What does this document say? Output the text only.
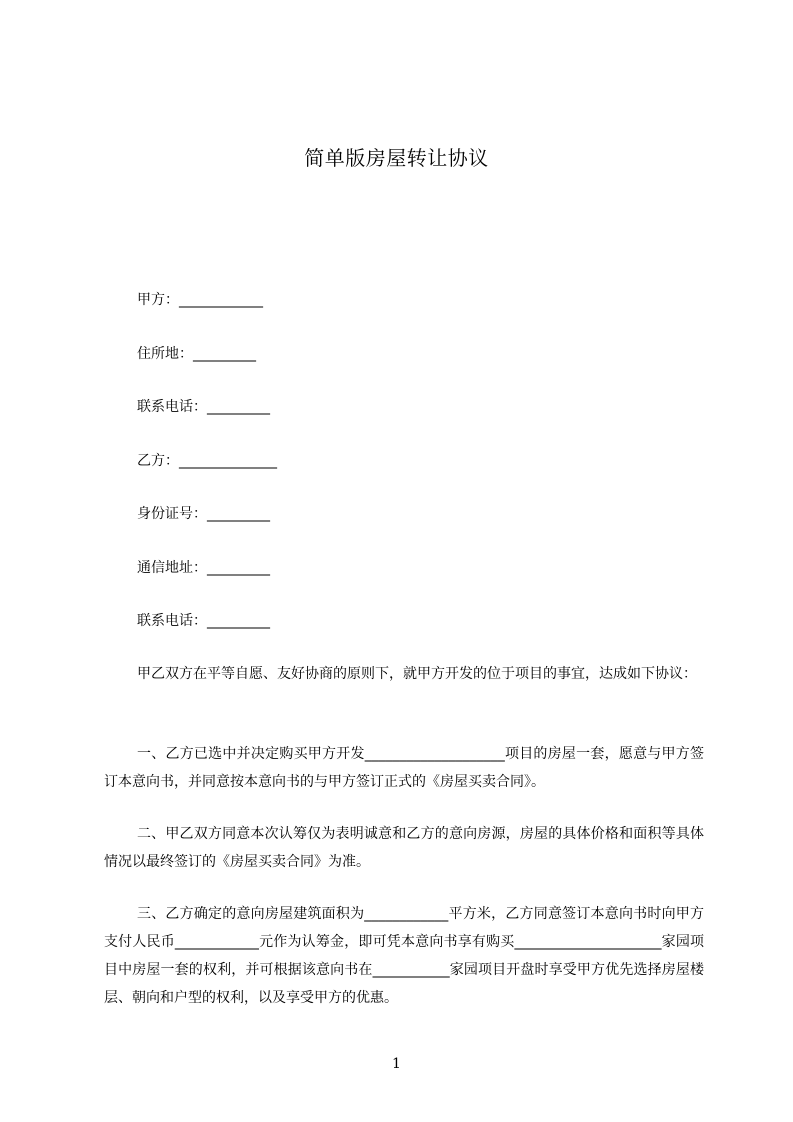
简单版房屋转让协议
甲方：____________
住所地：_________
联系电话：_________
乙方：______________
身份证号：_________
通信地址：_________
联系电话：_________

甲乙双方在平等自愿、友好协商的原则下，就甲方开发的位于项目的事宜，达成如下协议：

一、乙方已选中并决定购买甲方开发____________________项目的房屋一套，愿意与甲方签订本意向书，并同意按本意向书的与甲方签订正式的《房屋买卖合同》。

二、甲乙双方同意本次认筹仅为表明诚意和乙方的意向房源，房屋的具体价格和面积等具体情况以最终签订的《房屋买卖合同》为准。

三、乙方确定的意向房屋建筑面积为____________平方米，乙方同意签订本意向书时向甲方支付人民币____________元作为认筹金，即可凭本意向书享有购买_____________________家园项目中房屋一套的权利，并可根据该意向书在___________家园项目开盘时享受甲方优先选择房屋楼层、朝向和户型的权利，以及享受甲方的优惠。

1
